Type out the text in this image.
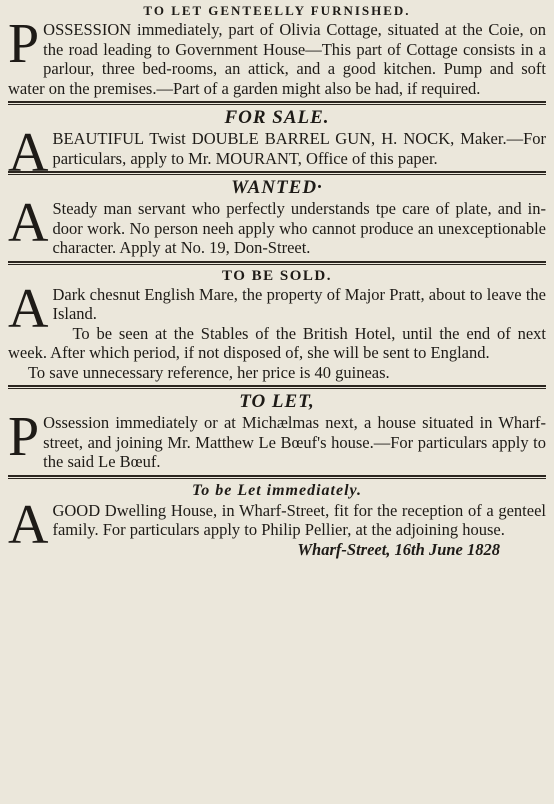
TO LET GENTEELLY FURNISHED.
P OSSESSION immediately, part of Olivia Cottage, situated at the Coie, on the road leading to Government House—This part of Cottage consists in a parlour, three bed-rooms, an attick, and a good kitchen. Pump and soft water on the premises.—Part of a garden might also be had, if required.

FOR SALE.
A BEAUTIFUL Twist DOUBLE BARREL GUN, H. NOCK, Maker.—For particulars, apply to Mr. MOURANT, Office of this paper.

WANTED·
A Steady man servant who perfectly understands tpe care of plate, and in-door work. No person neeh apply who cannot produce an unexceptionable character. Apply at No. 19, Don-Street.

TO BE SOLD.
A Dark chesnut English Mare, the property of Major Pratt, about to leave the Island.

To be seen at the Stables of the British Hotel, until the end of next week. After which period, if not disposed of, she will be sent to England.

To save unnecessary reference, her price is 40 guineas.

TO LET,
P Ossession immediately or at Michælmas next, a house situated in Wharf-street, and joining Mr. Matthew Le Bœuf's house.—For particulars apply to the said Le Bœuf.

To be Let immediately.
A GOOD Dwelling House, in Wharf-Street, fit for the reception of a genteel family. For particulars apply to Philip Pellier, at the adjoining house.

Wharf-Street, 16th June 1828
